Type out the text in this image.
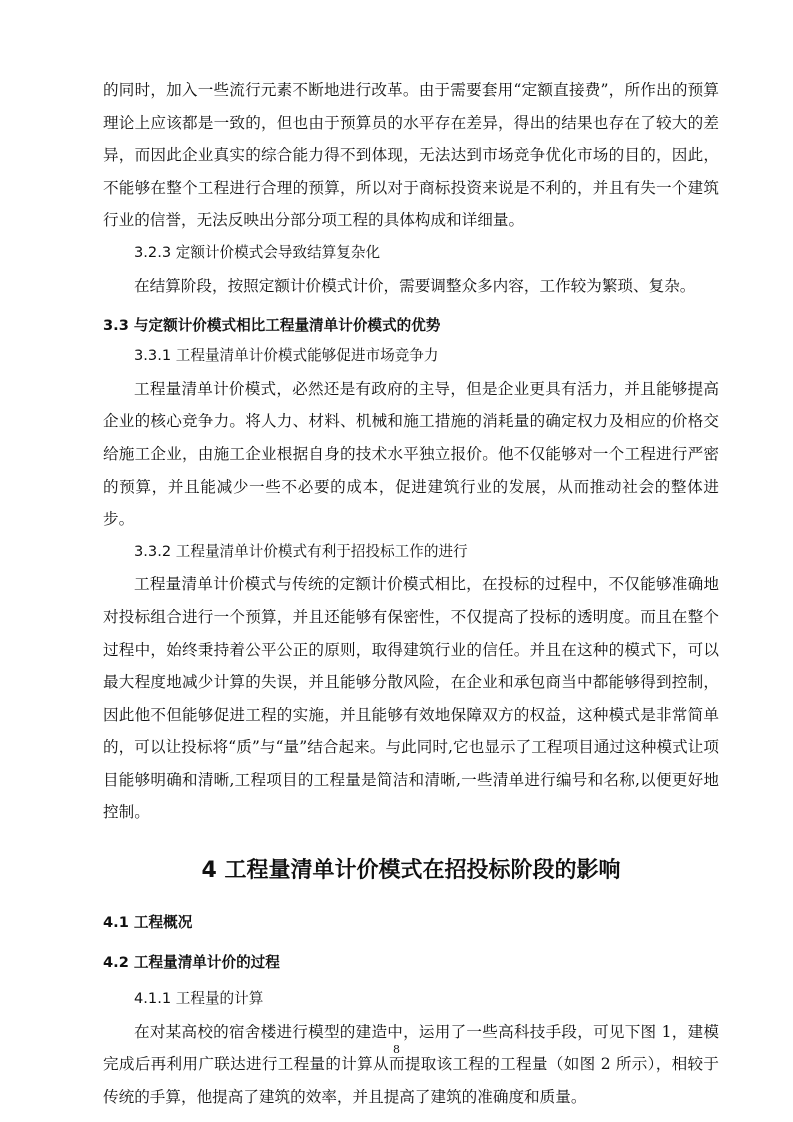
的同时，加入一些流行元素不断地进行改革。由于需要套用“定额直接费”，所作出的预算理论上应该都是一致的，但也由于预算员的水平存在差异，得出的结果也存在了较大的差异，而因此企业真实的综合能力得不到体现，无法达到市场竞争优化市场的目的，因此，不能够在整个工程进行合理的预算，所以对于商标投资来说是不利的，并且有失一个建筑行业的信誉，无法反映出分部分项工程的具体构成和详细量。

3.2.3 定额计价模式会导致结算复杂化

在结算阶段，按照定额计价模式计价，需要调整众多内容，工作较为繁琐、复杂。

3.3 与定额计价模式相比工程量清单计价模式的优势
3.3.1 工程量清单计价模式能够促进市场竞争力

工程量清单计价模式，必然还是有政府的主导，但是企业更具有活力，并且能够提高企业的核心竞争力。将人力、材料、机械和施工措施的消耗量的确定权力及相应的价格交给施工企业，由施工企业根据自身的技术水平独立报价。他不仅能够对一个工程进行严密的预算，并且能减少一些不必要的成本，促进建筑行业的发展，从而推动社会的整体进步。

3.3.2 工程量清单计价模式有利于招投标工作的进行

工程量清单计价模式与传统的定额计价模式相比，在投标的过程中，不仅能够准确地对投标组合进行一个预算，并且还能够有保密性，不仅提高了投标的透明度。而且在整个过程中，始终秉持着公平公正的原则，取得建筑行业的信任。并且在这种的模式下，可以最大程度地减少计算的失误，并且能够分散风险，在企业和承包商当中都能够得到控制，因此他不但能够促进工程的实施，并且能够有效地保障双方的权益，这种模式是非常简单的，可以让投标将“质”与“量”结合起来。与此同时,它也显示了工程项目通过这种模式让项目能够明确和清晰,工程项目的工程量是简洁和清晰,一些清单进行编号和名称,以便更好地控制。

4 工程量清单计价模式在招投标阶段的影响
4.1 工程概况
4.2 工程量清单计价的过程
4.1.1 工程量的计算

在对某高校的宿舍楼进行模型的建造中，运用了一些高科技手段，可见下图 1，建模完成后再利用广联达进行工程量的计算从而提取该工程的工程量（如图 2 所示），相较于传统的手算，他提高了建筑的效率，并且提高了建筑的准确度和质量。

8
